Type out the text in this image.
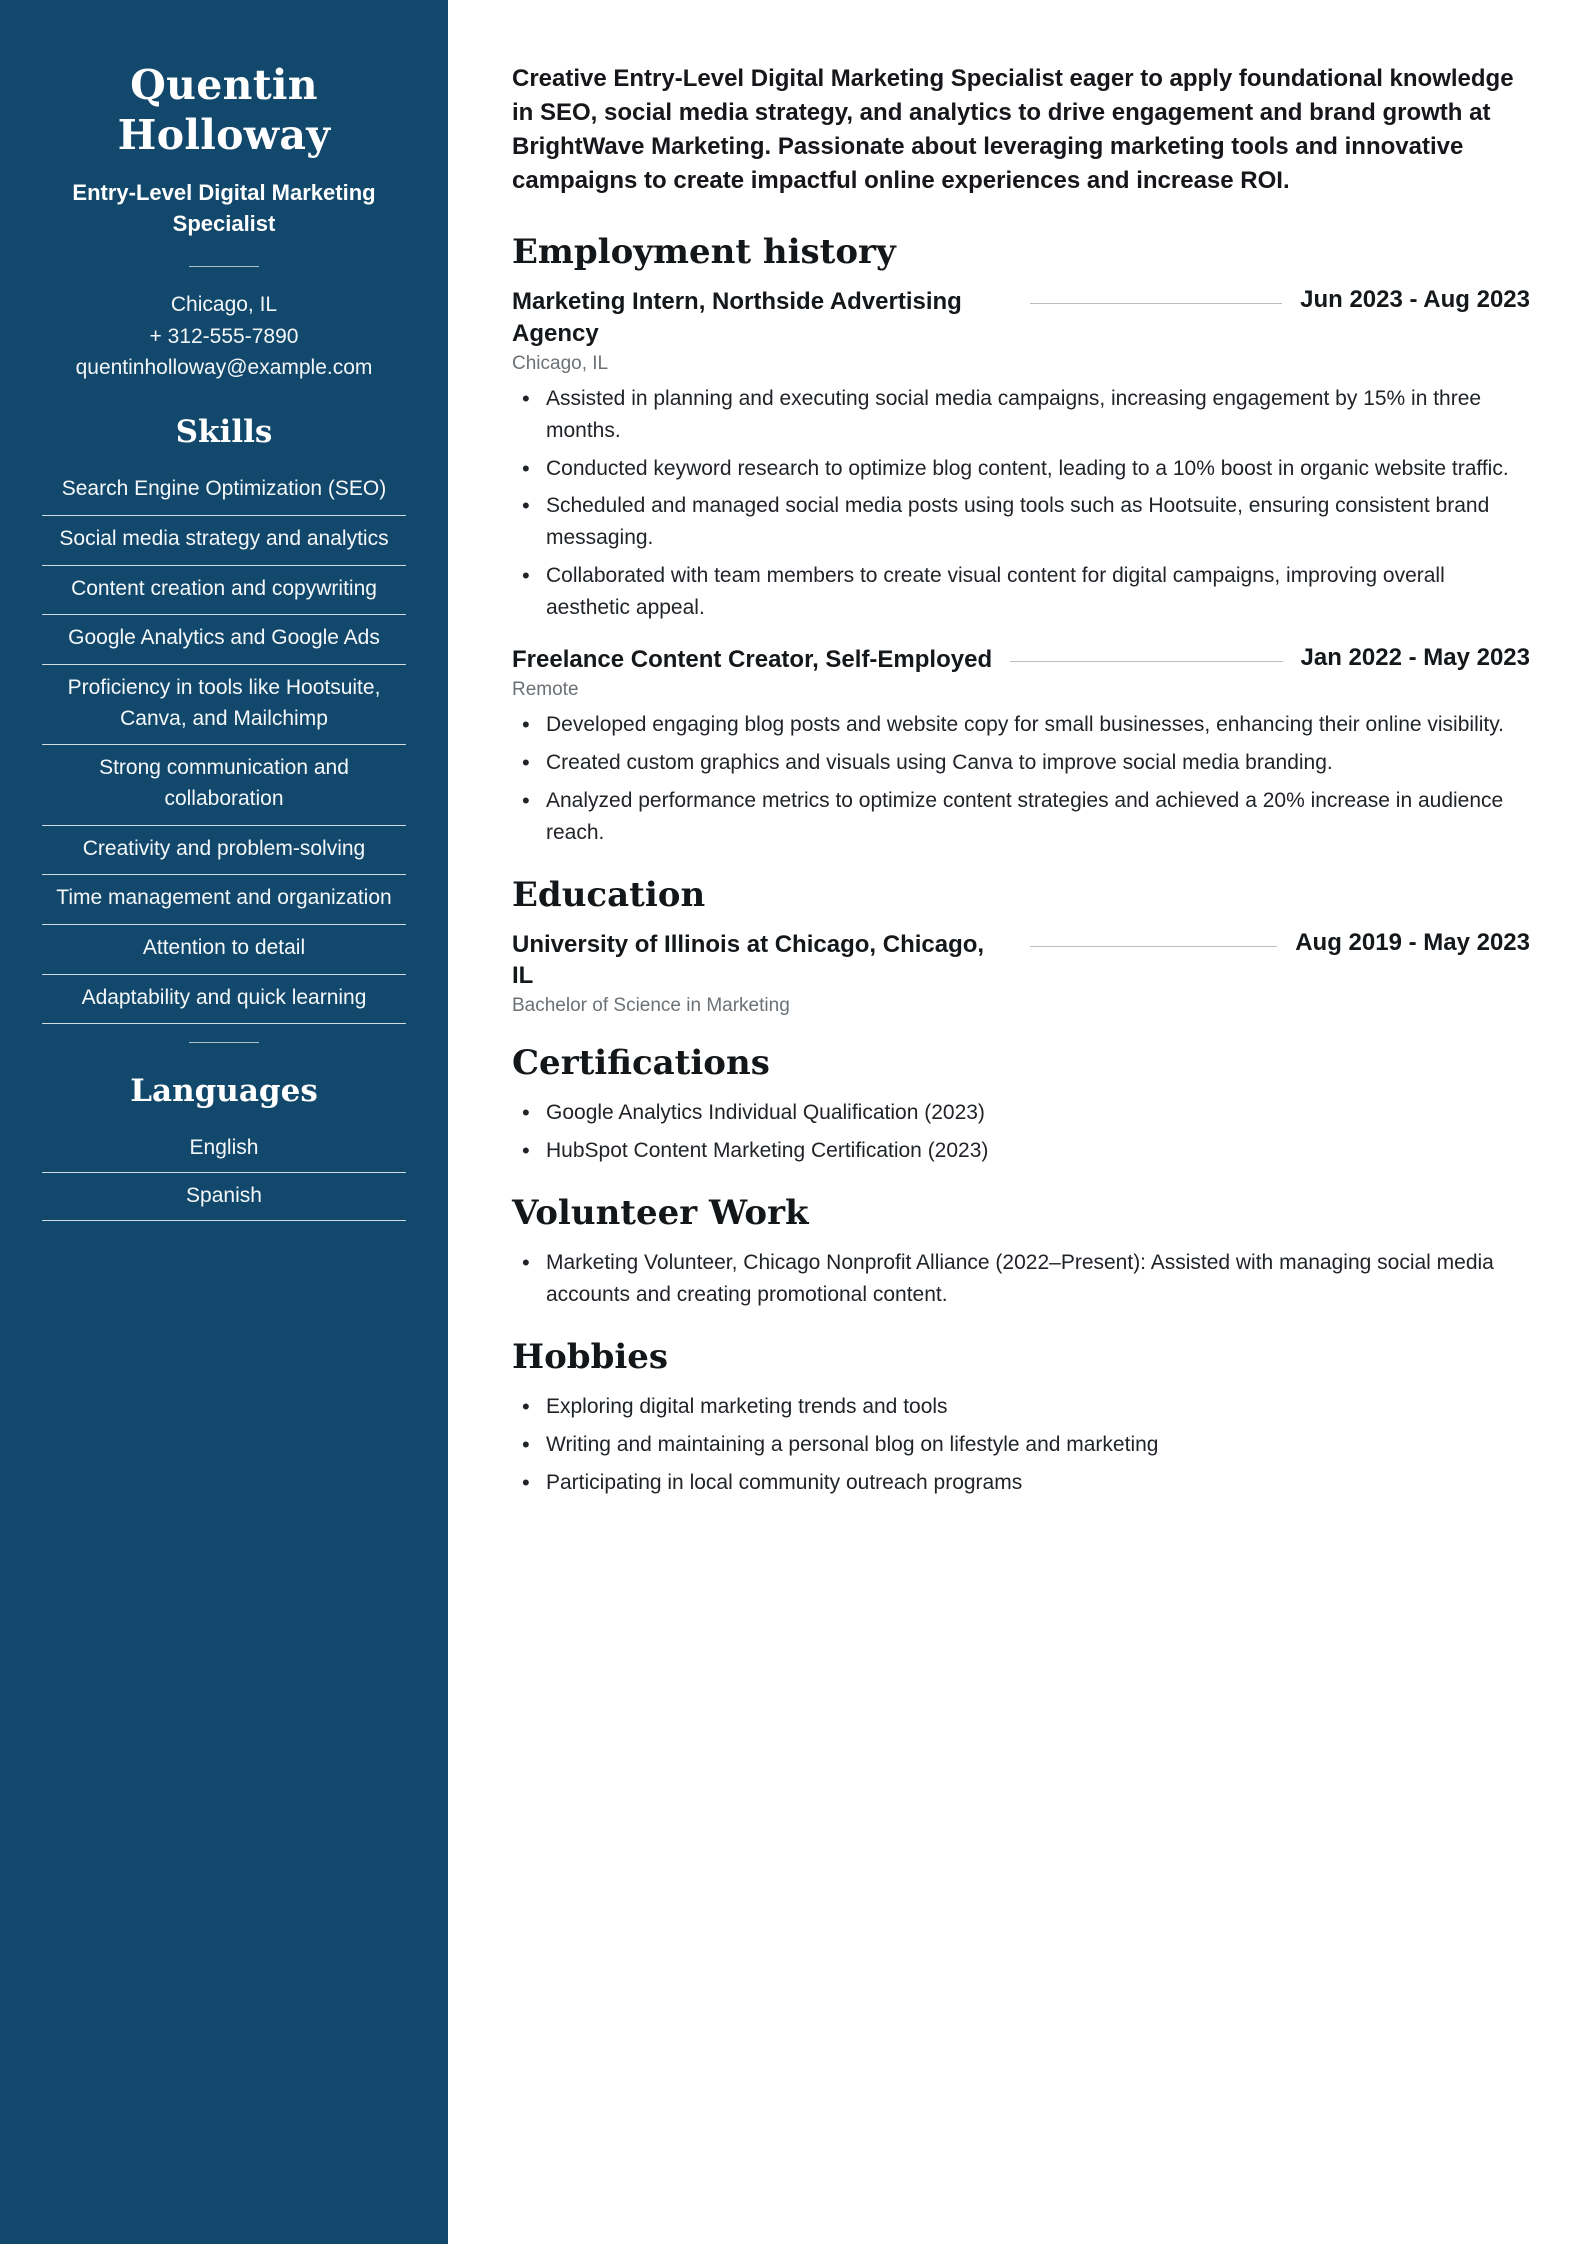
Quentin Holloway
Entry-Level Digital Marketing Specialist
Chicago, IL
+ 312-555-7890
quentinholloway@example.com
Skills
Search Engine Optimization (SEO)
Social media strategy and analytics
Content creation and copywriting
Google Analytics and Google Ads
Proficiency in tools like Hootsuite, Canva, and Mailchimp
Strong communication and collaboration
Creativity and problem-solving
Time management and organization
Attention to detail
Adaptability and quick learning
Languages
English
Spanish

Creative Entry-Level Digital Marketing Specialist eager to apply foundational knowledge in SEO, social media strategy, and analytics to drive engagement and brand growth at BrightWave Marketing. Passionate about leveraging marketing tools and innovative campaigns to create impactful online experiences and increase ROI.

Employment history
Marketing Intern, Northside Advertising Agency
Jun 2023 - Aug 2023
Chicago, IL
• Assisted in planning and executing social media campaigns, increasing engagement by 15% in three months.
• Conducted keyword research to optimize blog content, leading to a 10% boost in organic website traffic.
• Scheduled and managed social media posts using tools such as Hootsuite, ensuring consistent brand messaging.
• Collaborated with team members to create visual content for digital campaigns, improving overall aesthetic appeal.
Freelance Content Creator, Self-Employed	Jan 2022 - May 2023
Remote
• Developed engaging blog posts and website copy for small businesses, enhancing their online visibility.
• Created custom graphics and visuals using Canva to improve social media branding.
• Analyzed performance metrics to optimize content strategies and achieved a 20% increase in audience reach.
Education
University of Illinois at Chicago, Chicago, IL
Aug 2019 - May 2023
Bachelor of Science in Marketing
Certifications
• Google Analytics Individual Qualification (2023)
• HubSpot Content Marketing Certification (2023)
Volunteer Work
• Marketing Volunteer, Chicago Nonprofit Alliance (2022–Present): Assisted with managing social media accounts and creating promotional content.
Hobbies
• Exploring digital marketing trends and tools
• Writing and maintaining a personal blog on lifestyle and marketing
• Participating in local community outreach programs
